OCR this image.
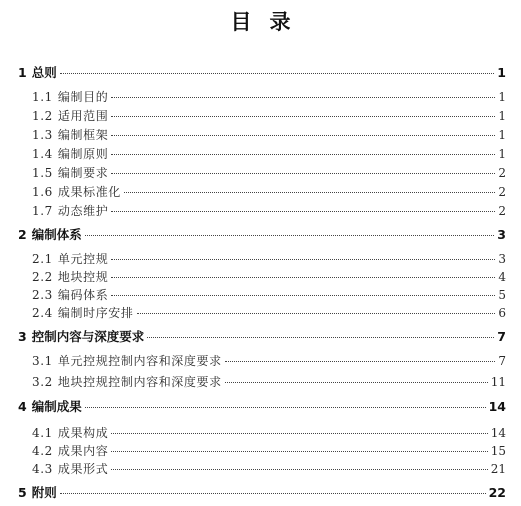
目录
1 总则	1
1.1 编制目的	1
1.2 适用范围	1
1.3 编制框架	1
1.4 编制原则	1
1.5 编制要求	2
1.6 成果标准化	2
1.7 动态维护	2
2 编制体系	3
2.1 单元控规	3
2.2 地块控规	4
2.3 编码体系	5
2.4 编制时序安排	6
3 控制内容与深度要求	7
3.1 单元控规控制内容和深度要求	7
3.2 地块控规控制内容和深度要求	11
4 编制成果	14
4.1 成果构成	14
4.2 成果内容	15
4.3 成果形式	21
5 附则	22
